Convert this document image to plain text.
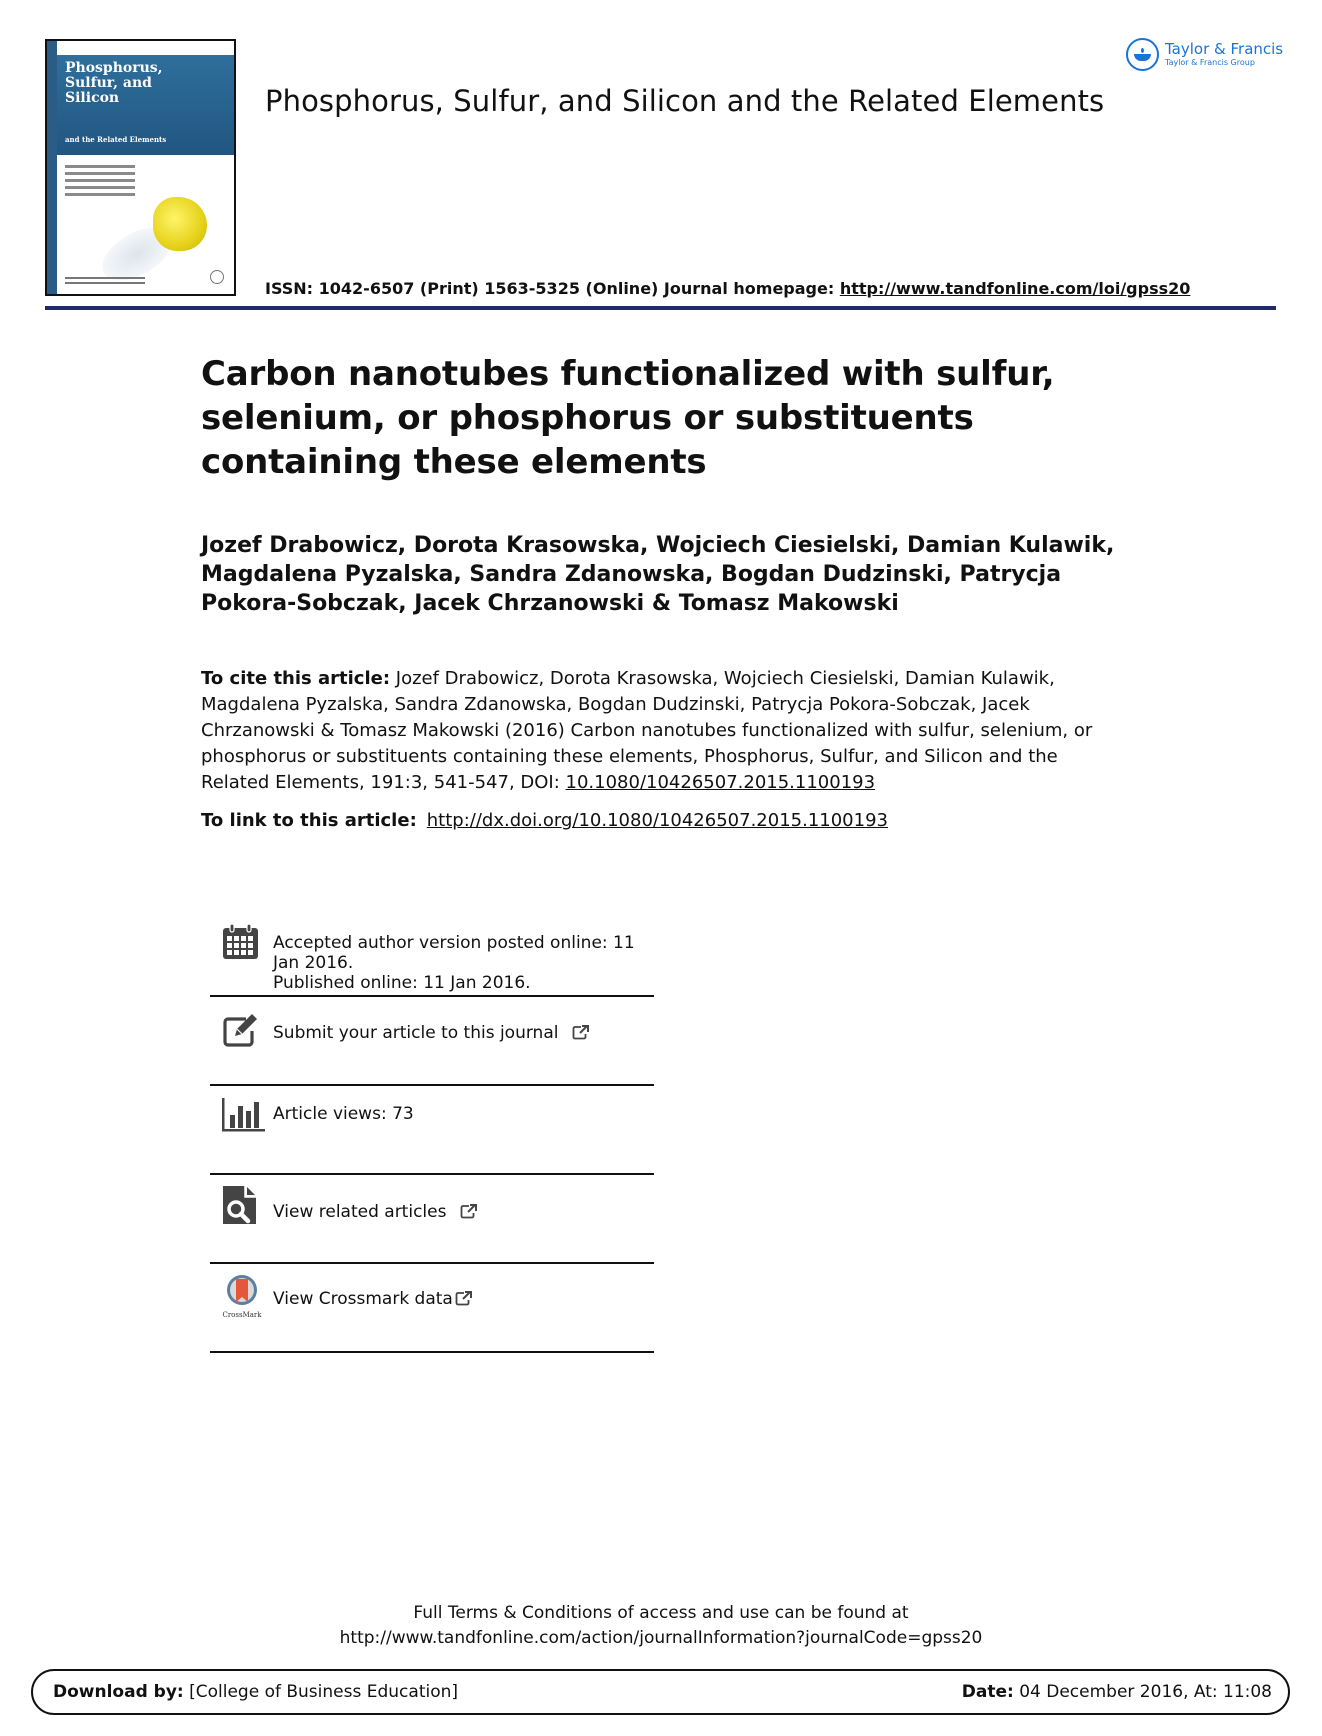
Phosphorus,
Sulfur, and
Silicon
and the Related Elements
Phosphorus, Sulfur, and Silicon and the Related Elements
ISSN: 1042-6507 (Print) 1563-5325 (Online) Journal homepage: http://www.tandfonline.com/loi/gpss20
Taylor & Francis
Taylor & Francis Group
Carbon nanotubes functionalized with sulfur,
selenium, or phosphorus or substituents
containing these elements
Jozef Drabowicz, Dorota Krasowska, Wojciech Ciesielski, Damian Kulawik,
Magdalena Pyzalska, Sandra Zdanowska, Bogdan Dudzinski, Patrycja
Pokora-Sobczak, Jacek Chrzanowski & Tomasz Makowski
To cite this article: Jozef Drabowicz, Dorota Krasowska, Wojciech Ciesielski, Damian Kulawik, Magdalena Pyzalska, Sandra Zdanowska, Bogdan Dudzinski, Patrycja Pokora-Sobczak, Jacek Chrzanowski & Tomasz Makowski (2016) Carbon nanotubes functionalized with sulfur, selenium, or phosphorus or substituents containing these elements, Phosphorus, Sulfur, and Silicon and the Related Elements, 191:3, 541-547, DOI: 10.1080/10426507.2015.1100193
To link to this article: http://dx.doi.org/10.1080/10426507.2015.1100193
Accepted author version posted online: 11
Jan 2016.
Published online: 11 Jan 2016.
Submit your article to this journal
Article views: 73
View related articles
CrossMark
View Crossmark data
Full Terms & Conditions of access and use can be found at
http://www.tandfonline.com/action/journalInformation?journalCode=gpss20
Download by: [College of Business Education]	Date: 04 December 2016, At: 11:08
